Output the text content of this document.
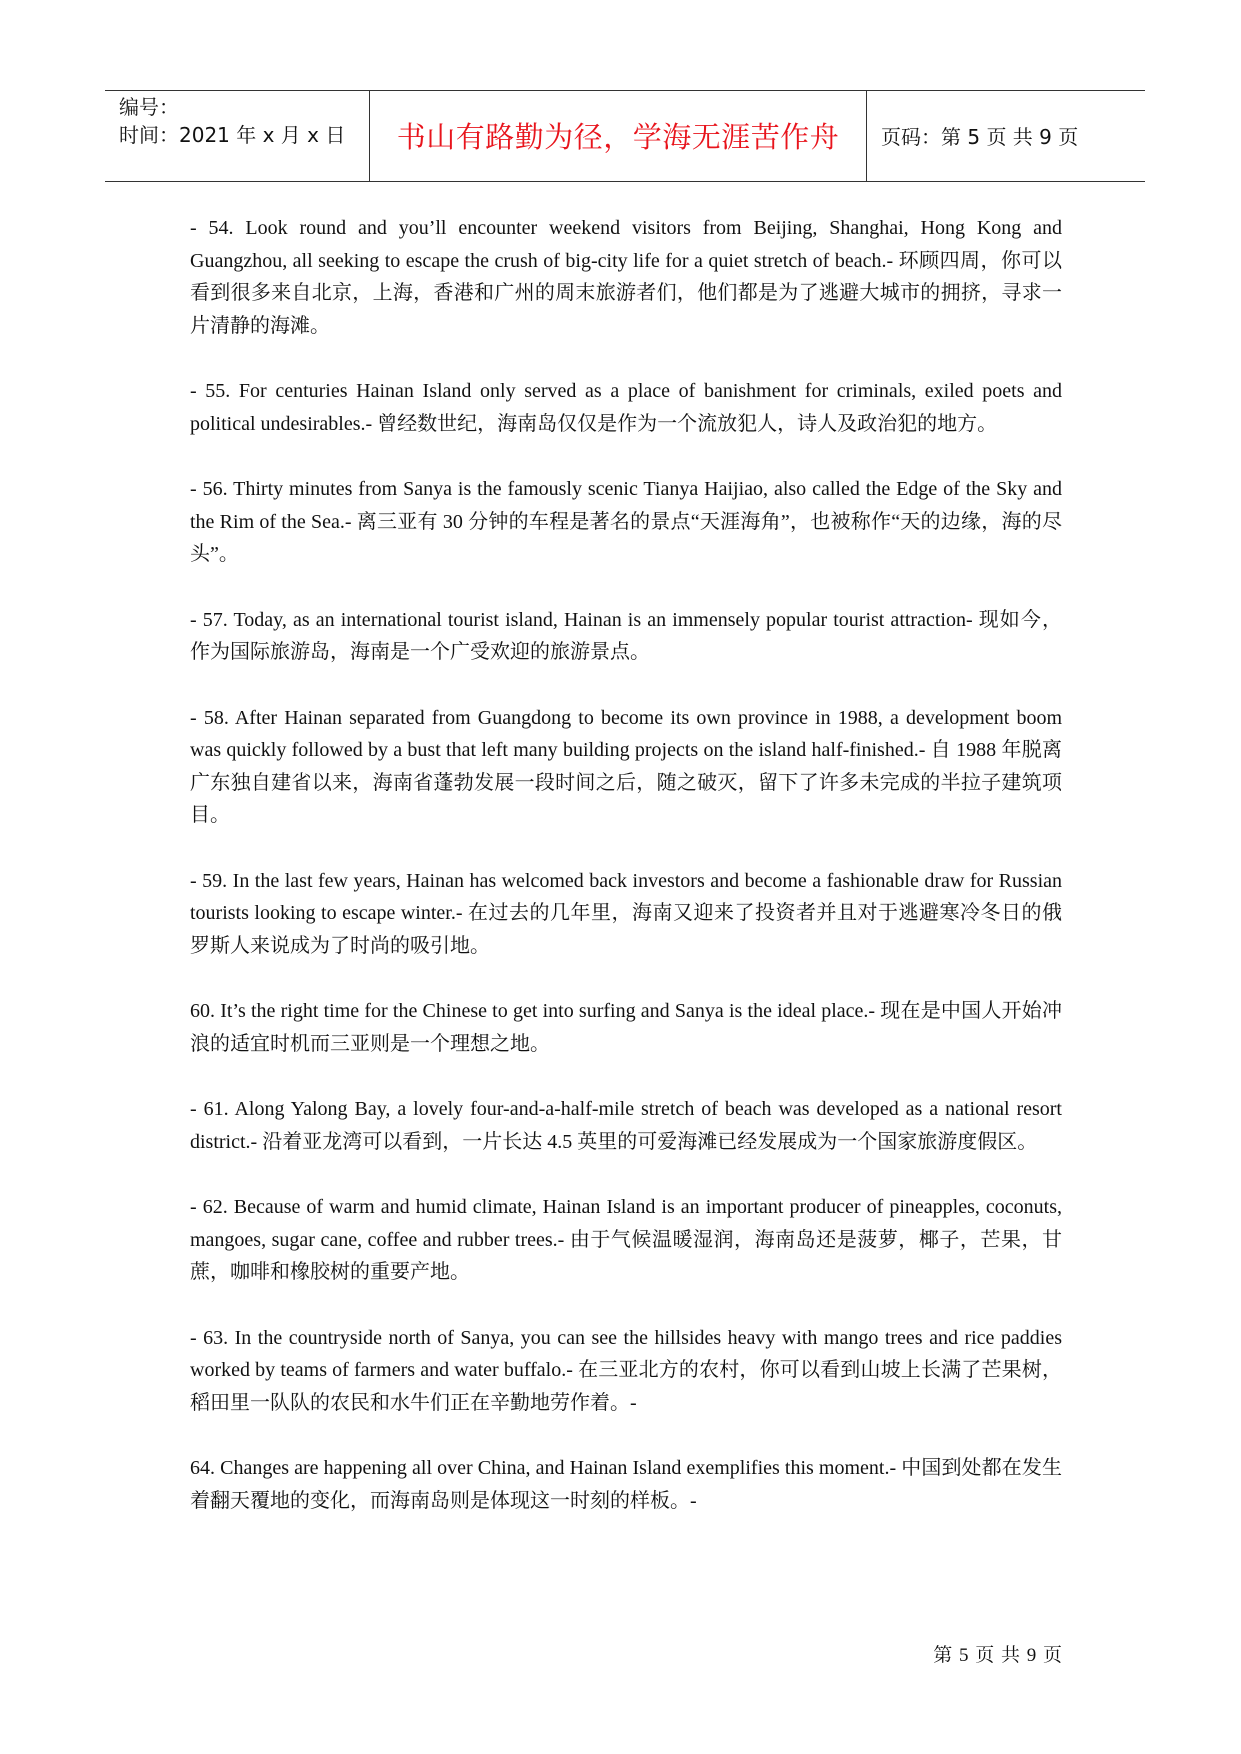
编号：
时间：2021 年 x 月 x 日	书山有路勤为径，学海无涯苦作舟	页码：第 5 页 共 9 页

- 54. Look round and you’ll encounter weekend visitors from Beijing, Shanghai, Hong Kong and Guangzhou, all seeking to escape the crush of big-city life for a quiet stretch of beach.- 环顾四周，你可以看到很多来自北京，上海，香港和广州的周末旅游者们，他们都是为了逃避大城市的拥挤，寻求一片清静的海滩。

- 55. For centuries Hainan Island only served as a place of banishment for criminals, exiled poets and political undesirables.- 曾经数世纪，海南岛仅仅是作为一个流放犯人，诗人及政治犯的地方。

- 56. Thirty minutes from Sanya is the famously scenic Tianya Haijiao, also called the Edge of the Sky and the Rim of the Sea.- 离三亚有 30 分钟的车程是著名的景点“天涯海角”，也被称作“天的边缘，海的尽头”。

- 57. Today, as an international tourist island, Hainan is an immensely popular tourist attraction- 现如今，作为国际旅游岛，海南是一个广受欢迎的旅游景点。

- 58. After Hainan separated from Guangdong to become its own province in 1988, a development boom was quickly followed by a bust that left many building projects on the island half-finished.- 自 1988 年脱离广东独自建省以来，海南省蓬勃发展一段时间之后，随之破灭，留下了许多未完成的半拉子建筑项目。

- 59. In the last few years, Hainan has welcomed back investors and become a fashionable draw for Russian tourists looking to escape winter.- 在过去的几年里，海南又迎来了投资者并且对于逃避寒冷冬日的俄罗斯人来说成为了时尚的吸引地。

60. It’s the right time for the Chinese to get into surfing and Sanya is the ideal place.- 现在是中国人开始冲浪的适宜时机而三亚则是一个理想之地。

- 61. Along Yalong Bay, a lovely four-and-a-half-mile stretch of beach was developed as a national resort district.- 沿着亚龙湾可以看到，一片长达 4.5 英里的可爱海滩已经发展成为一个国家旅游度假区。

- 62. Because of warm and humid climate, Hainan Island is an important producer of pineapples, coconuts, mangoes, sugar cane, coffee and rubber trees.- 由于气候温暖湿润，海南岛还是菠萝，椰子，芒果，甘蔗，咖啡和橡胶树的重要产地。

- 63. In the countryside north of Sanya, you can see the hillsides heavy with mango trees and rice paddies worked by teams of farmers and water buffalo.- 在三亚北方的农村，你可以看到山坡上长满了芒果树，稻田里一队队的农民和水牛们正在辛勤地劳作着。-

64. Changes are happening all over China, and Hainan Island exemplifies this moment.- 中国到处都在发生着翻天覆地的变化，而海南岛则是体现这一时刻的样板。-

第 5 页 共 9 页
